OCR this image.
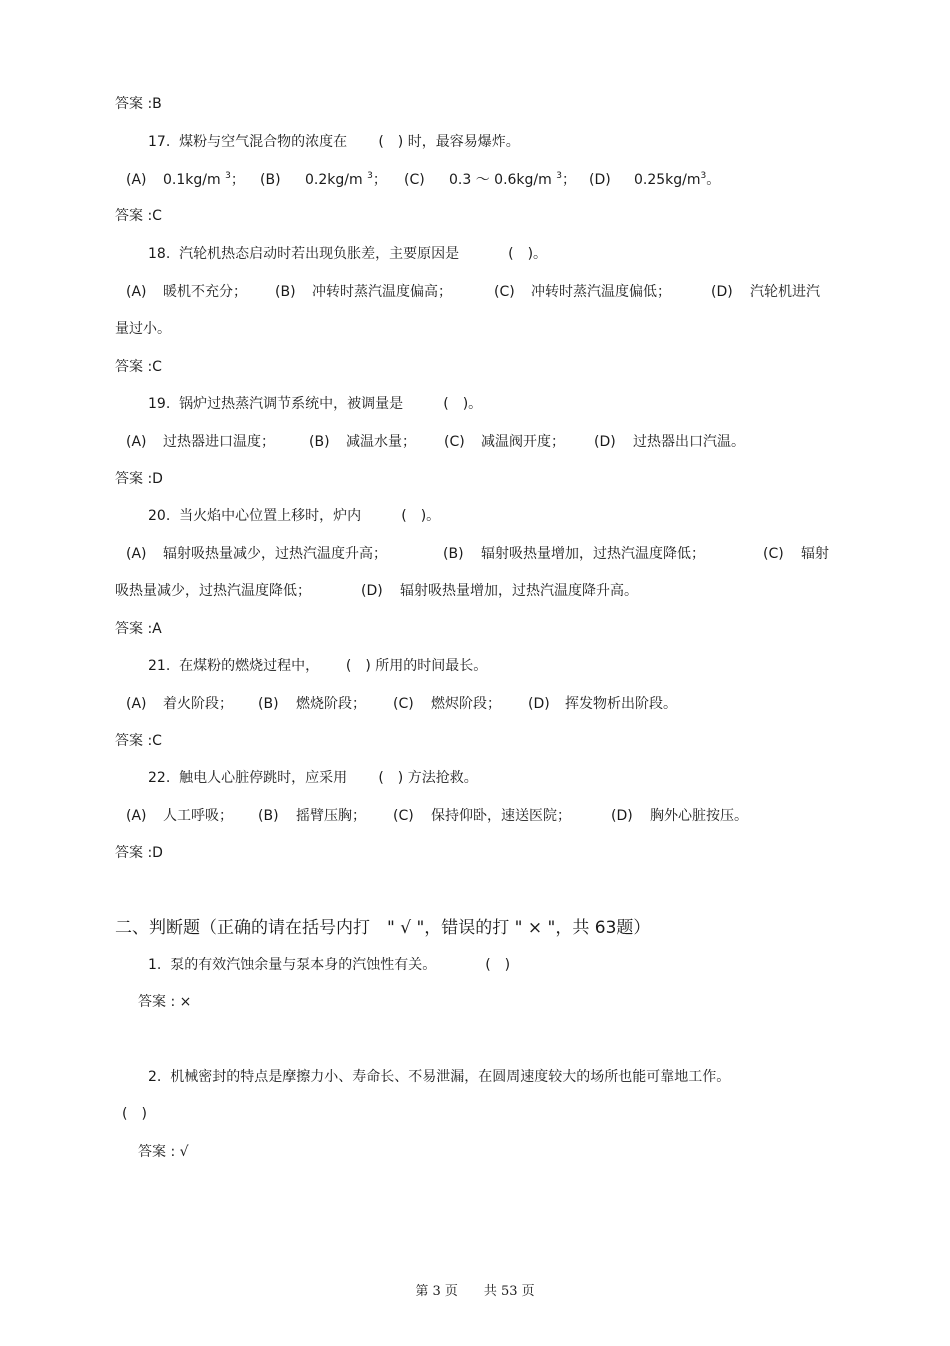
答案 :B
17. 煤粉与空气混合物的浓度在 (　) 时，最容易爆炸。
(A) 0.1kg/m $^3$； (B) 0.2kg/m $^3$； (C) 0.3 ～ 0.6kg/m $^3$； (D) $0.25kg/m^3$。
答案 :C
18. 汽轮机热态启动时若出现负胀差，主要原因是	(　)。
(A) 暖机不充分； (B) 冲转时蒸汽温度偏高；	(C) 冲转时蒸汽温度偏低；	(D) 汽轮机进汽
量过小。
答案 :C
19. 锅炉过热蒸汽调节系统中，被调量是	(　)。
(A) 过热器进口温度； (B) 减温水量； (C) 减温阀开度； (D) 过热器出口汽温。
答案 :D
20. 当火焰中心位置上移时，炉内	(　)。
(A) 辐射吸热量减少，过热汽温度升高；	(B) 辐射吸热量增加，过热汽温度降低；	(C) 辐射
吸热量减少，过热汽温度降低；	(D) 辐射吸热量增加，过热汽温度降升高。
答案 :A
21. 在煤粉的燃烧过程中， (　) 所用的时间最长。
(A) 着火阶段； (B) 燃烧阶段； (C) 燃烬阶段； (D) 挥发物析出阶段。
答案 :C
22. 触电人心脏停跳时，应采用 (　) 方法抢救。
(A) 人工呼吸； (B) 摇臂压胸； (C) 保持仰卧，速送医院；	(D) 胸外心脏按压。
答案 :D
二、判断题（正确的请在括号内打　" √ "，错误的打 " × "，共 63题）
1. 泵的有效汽蚀余量与泵本身的汽蚀性有关。	(　)
答案 : ×
2. 机械密封的特点是摩擦力小、寿命长、不易泄漏，在圆周速度较大的场所也能可靠地工作。
(　)
答案 : √
第 3 页　　共 53 页
